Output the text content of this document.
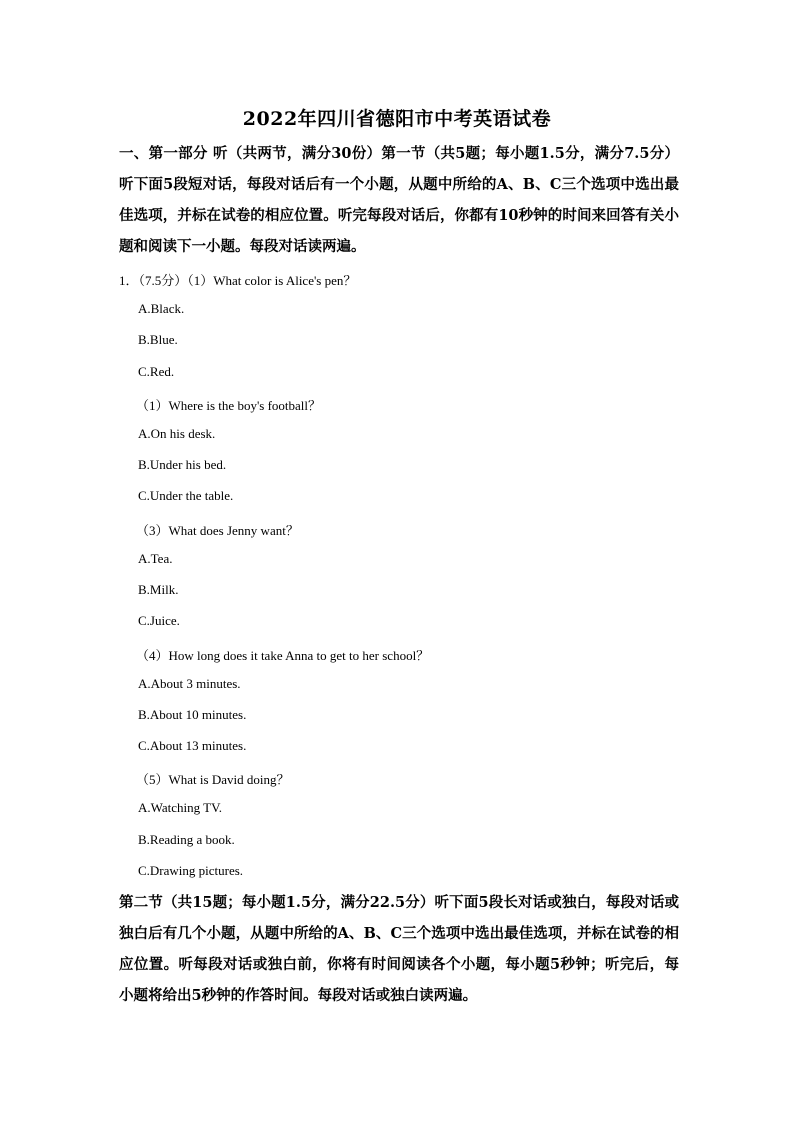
2022年四川省德阳市中考英语试卷
一、第一部分 听（共两节，满分30份）第一节（共5题；每小题1.5分，满分7.5分）听下面5段短对话，每段对话后有一个小题，从题中所给的A、B、C三个选项中选出最佳选项，并标在试卷的相应位置。听完每段对话后，你都有10秒钟的时间来回答有关小题和阅读下一小题。每段对话读两遍。
1．（7.5分）（1）What color is Alice's pen？
A.Black.
B.Blue.
C.Red.
（1）Where is the boy's football？
A.On his desk.
B.Under his bed.
C.Under the table.
（3）What does Jenny want？
A.Tea.
B.Milk.
C.Juice.
（4）How long does it take Anna to get to her school？
A.About 3 minutes.
B.About 10 minutes.
C.About 13 minutes.
（5）What is David doing？
A.Watching TV.
B.Reading a book.
C.Drawing pictures.
第二节（共15题；每小题1.5分，满分22.5分）听下面5段长对话或独白，每段对话或独白后有几个小题，从题中所给的A、B、C三个选项中选出最佳选项，并标在试卷的相应位置。听每段对话或独白前，你将有时间阅读各个小题，每小题5秒钟；听完后，每小题将给出5秒钟的作答时间。每段对话或独白读两遍。
